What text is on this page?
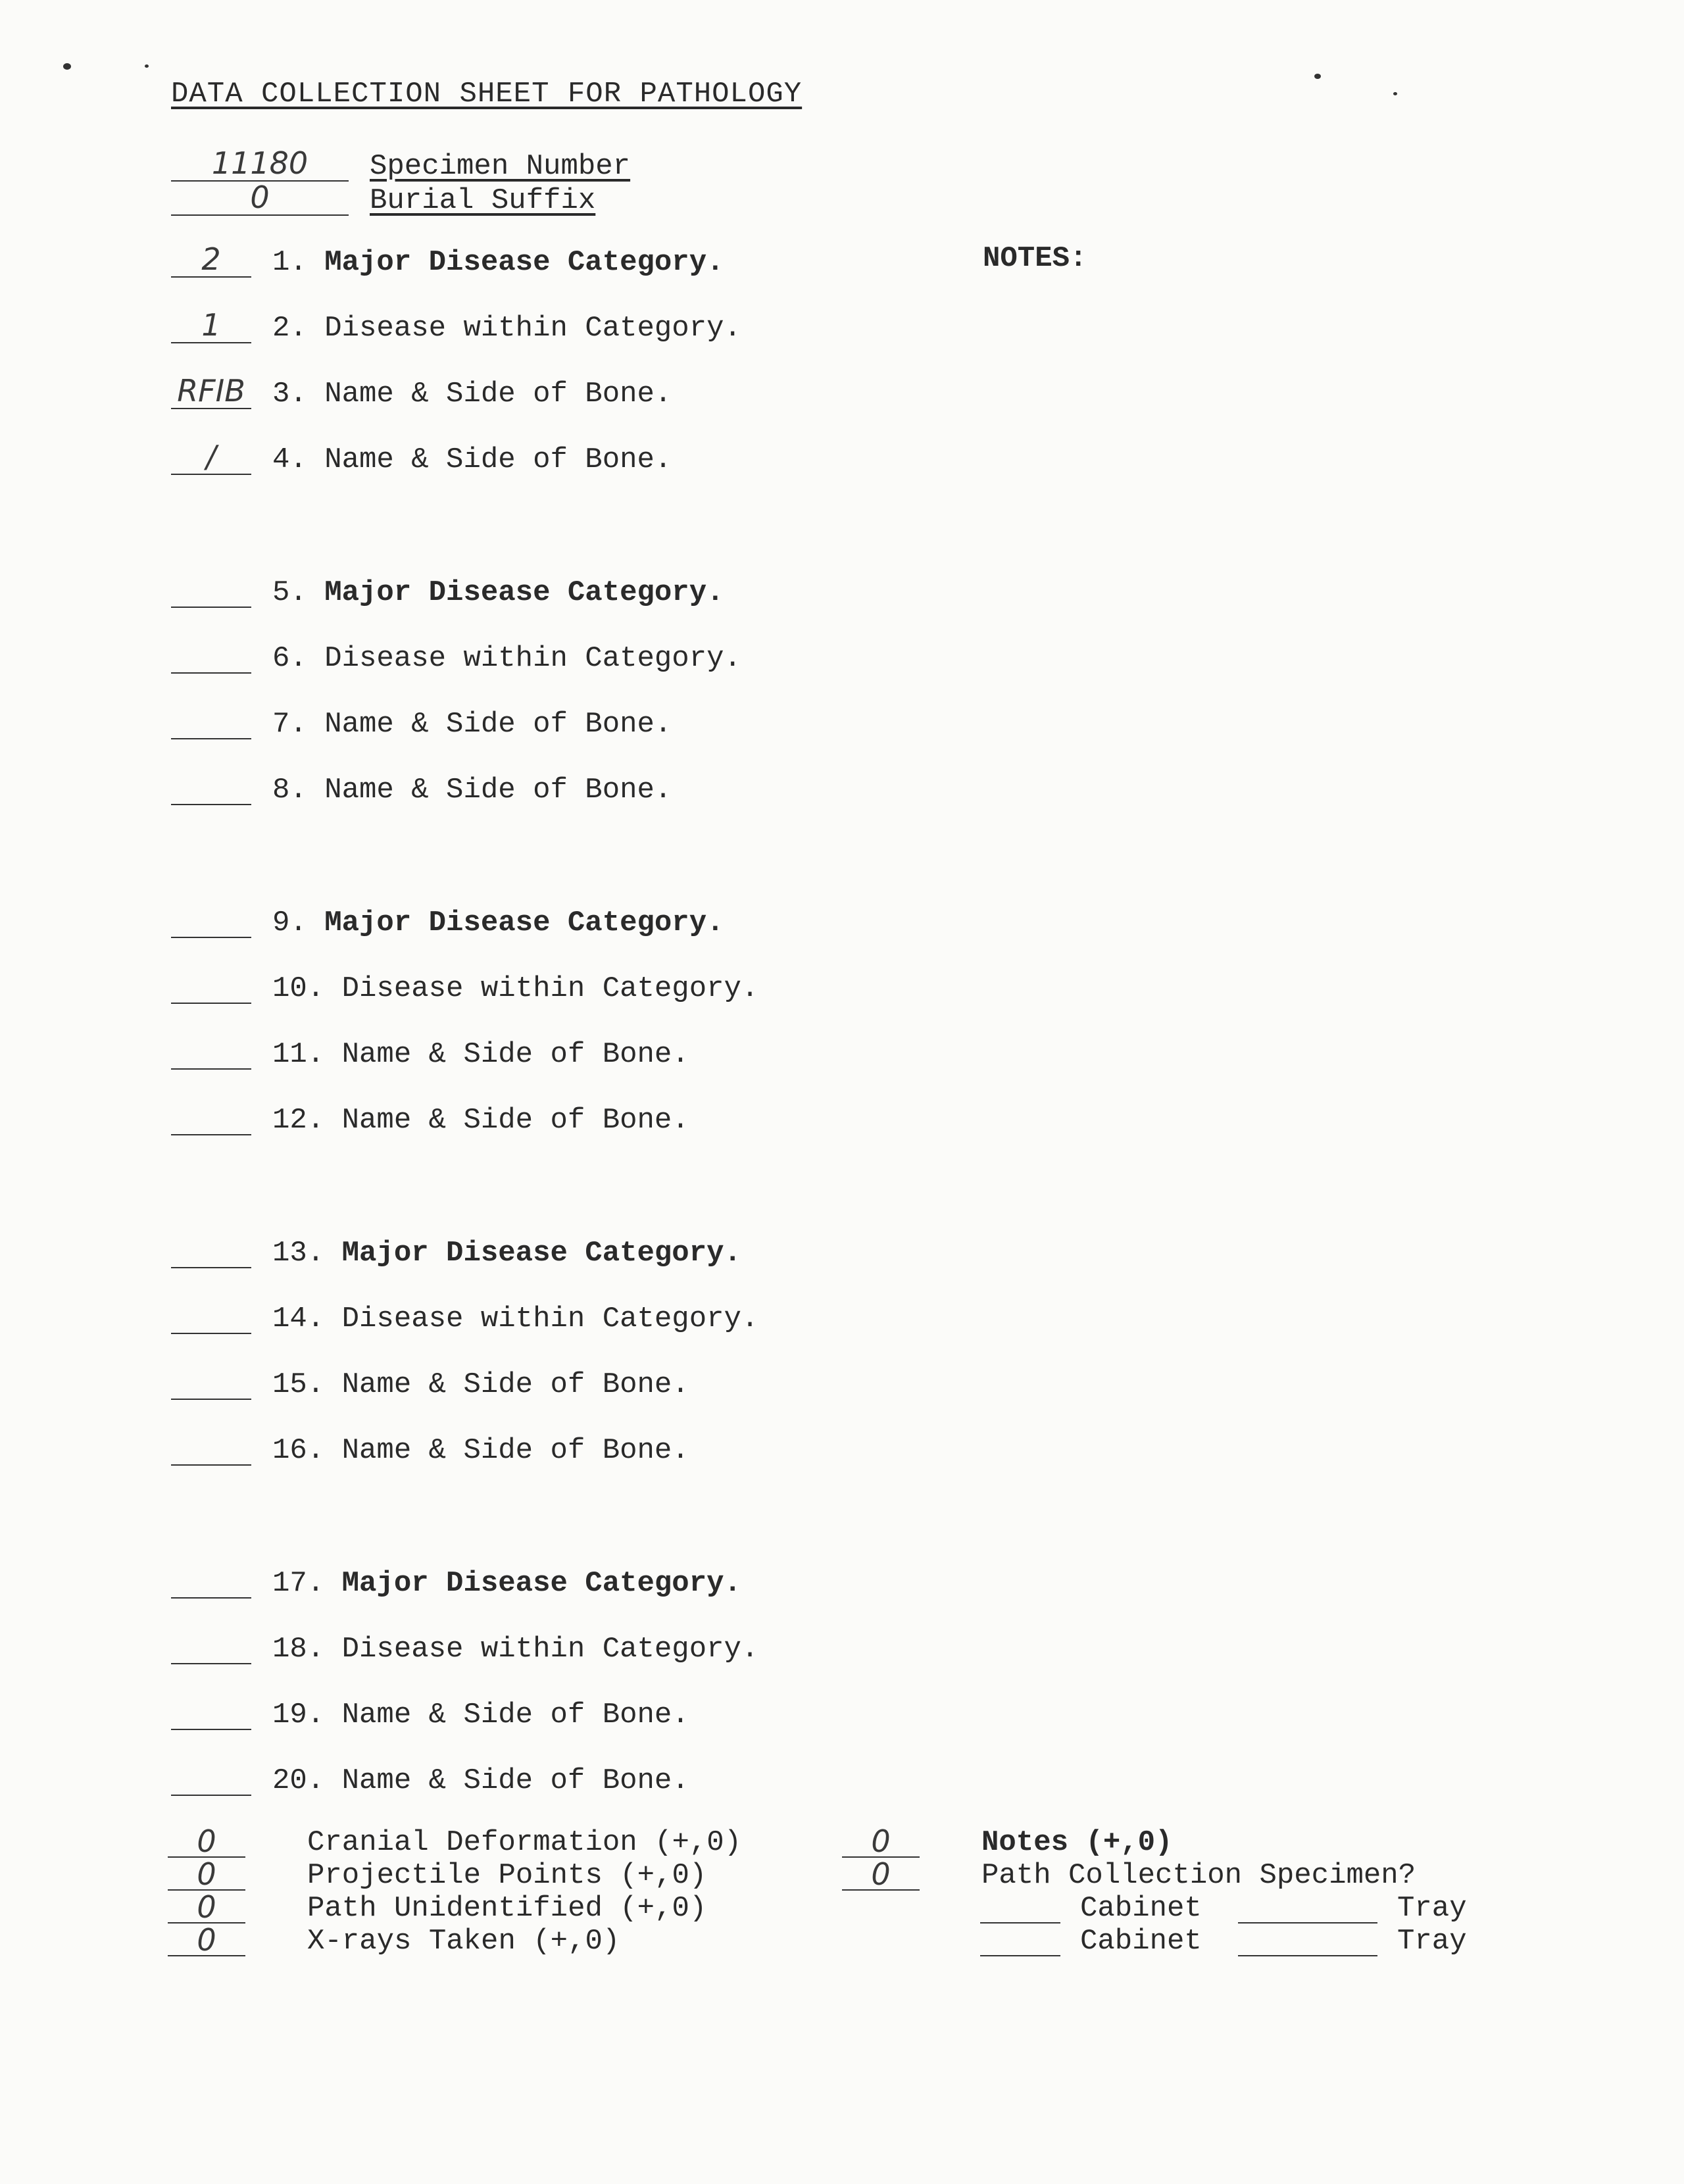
DATA COLLECTION SHEET FOR PATHOLOGY
11180	Specimen Number
0	Burial Suffix
NOTES:
2	1. Major Disease Category.
1	2. Disease within Category.
RFIB 3. Name & Side of Bone.
/	4. Name & Side of Bone.
5. Major Disease Category.
6. Disease within Category.
7. Name & Side of Bone.
8. Name & Side of Bone.
9. Major Disease Category.
10. Disease within Category.
11. Name & Side of Bone.
12. Name & Side of Bone.
13. Major Disease Category.
14. Disease within Category.
15. Name & Side of Bone.
16. Name & Side of Bone.
17. Major Disease Category.
18. Disease within Category.
19. Name & Side of Bone.
20. Name & Side of Bone.
0	Cranial Deformation (+,0)
0	Projectile Points (+,0)
0	Path Unidentified (+,0)
0	X-rays Taken (+,0)
0	Notes (+,0)
0	Path Collection Specimen?
Cabinet	Tray
Cabinet	Tray
